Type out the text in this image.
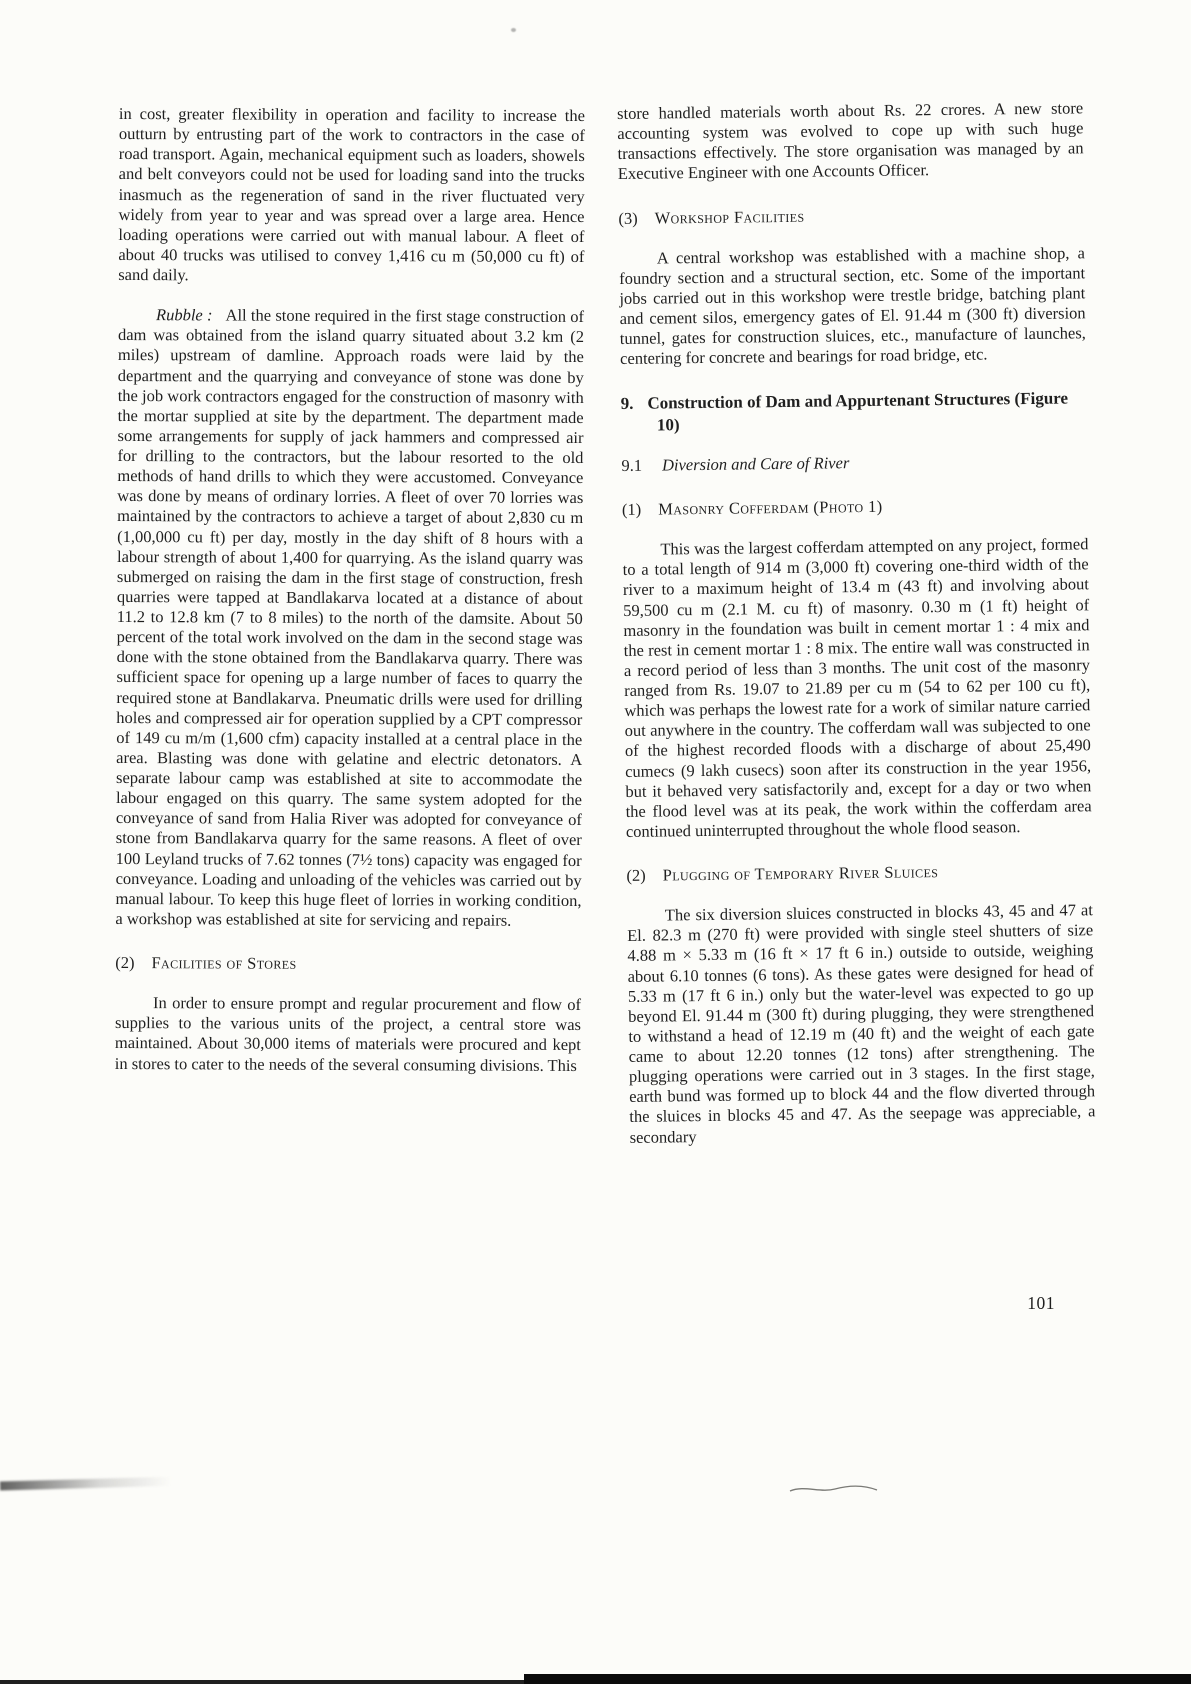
in cost, greater flexibility in operation and facility to increase the outturn by entrusting part of the work to contractors in the case of road transport. Again, mechanical equipment such as loaders, showels and belt conveyors could not be used for loading sand into the trucks inasmuch as the regeneration of sand in the river fluctuated very widely from year to year and was spread over a large area. Hence loading operations were carried out with manual labour. A fleet of about 40 trucks was utilised to convey 1,416 cu m (50,000 cu ft) of sand daily.

Rubble : All the stone required in the first stage construction of dam was obtained from the island quarry situated about 3.2 km (2 miles) upstream of damline. Approach roads were laid by the department and the quarrying and conveyance of stone was done by the job work contractors engaged for the construction of masonry with the mortar supplied at site by the department. The department made some arrangements for supply of jack hammers and compressed air for drilling to the contractors, but the labour resorted to the old methods of hand drills to which they were accustomed. Conveyance was done by means of ordinary lorries. A fleet of over 70 lorries was maintained by the contractors to achieve a target of about 2,830 cu m (1,00,000 cu ft) per day, mostly in the day shift of 8 hours with a labour strength of about 1,400 for quarrying. As the island quarry was submerged on raising the dam in the first stage of construction, fresh quarries were tapped at Bandlakarva located at a distance of about 11.2 to 12.8 km (7 to 8 miles) to the north of the damsite. About 50 percent of the total work involved on the dam in the second stage was done with the stone obtained from the Bandlakarva quarry. There was sufficient space for opening up a large number of faces to quarry the required stone at Bandlakarva. Pneumatic drills were used for drilling holes and compressed air for operation supplied by a CPT compressor of 149 cu m/m (1,600 cfm) capacity installed at a central place in the area. Blasting was done with gelatine and electric detonators. A separate labour camp was established at site to accommodate the labour engaged on this quarry. The same system adopted for the conveyance of sand from Halia River was adopted for conveyance of stone from Bandlakarva quarry for the same reasons. A fleet of over 100 Leyland trucks of 7.62 tonnes (7½ tons) capacity was engaged for conveyance. Loading and unloading of the vehicles was carried out by manual labour. To keep this huge fleet of lorries in working condition, a workshop was established at site for servicing and repairs.

(2) Facilities of Stores

In order to ensure prompt and regular procurement and flow of supplies to the various units of the project, a central store was maintained. About 30,000 items of materials were procured and kept in stores to cater to the needs of the several consuming divisions. This

store handled materials worth about Rs. 22 crores. A new store accounting system was evolved to cope up with such huge transactions effectively. The store organisation was managed by an Executive Engineer with one Accounts Officer.

(3) Workshop Facilities

A central workshop was established with a machine shop, a foundry section and a structural section, etc. Some of the important jobs carried out in this workshop were trestle bridge, batching plant and cement silos, emergency gates of El. 91.44 m (300 ft) diversion tunnel, gates for construction sluices, etc., manufacture of launches, centering for concrete and bearings for road bridge, etc.

9. Construction of Dam and Appurtenant Structures (Figure 10)
9.1 Diversion and Care of River
(1) Masonry Cofferdam (Photo 1)

This was the largest cofferdam attempted on any project, formed to a total length of 914 m (3,000 ft) covering one-third width of the river to a maximum height of 13.4 m (43 ft) and involving about 59,500 cu m (2.1 M. cu ft) of masonry. 0.30 m (1 ft) height of masonry in the foundation was built in cement mortar 1 : 4 mix and the rest in cement mortar 1 : 8 mix. The entire wall was constructed in a record period of less than 3 months. The unit cost of the masonry ranged from Rs. 19.07 to 21.89 per cu m (54 to 62 per 100 cu ft), which was perhaps the lowest rate for a work of similar nature carried out anywhere in the country. The cofferdam wall was subjected to one of the highest recorded floods with a discharge of about 25,490 cumecs (9 lakh cusecs) soon after its construction in the year 1956, but it behaved very satisfactorily and, except for a day or two when the flood level was at its peak, the work within the cofferdam area continued uninterrupted throughout the whole flood season.

(2) Plugging of Temporary River Sluices

The six diversion sluices constructed in blocks 43, 45 and 47 at El. 82.3 m (270 ft) were provided with single steel shutters of size 4.88 m × 5.33 m (16 ft × 17 ft 6 in.) outside to outside, weighing about 6.10 tonnes (6 tons). As these gates were designed for head of 5.33 m (17 ft 6 in.) only but the water-level was expected to go up beyond El. 91.44 m (300 ft) during plugging, they were strengthened to withstand a head of 12.19 m (40 ft) and the weight of each gate came to about 12.20 tonnes (12 tons) after strengthening. The plugging operations were carried out in 3 stages. In the first stage, earth bund was formed up to block 44 and the flow diverted through the sluices in blocks 45 and 47. As the seepage was appreciable, a secondary

101
